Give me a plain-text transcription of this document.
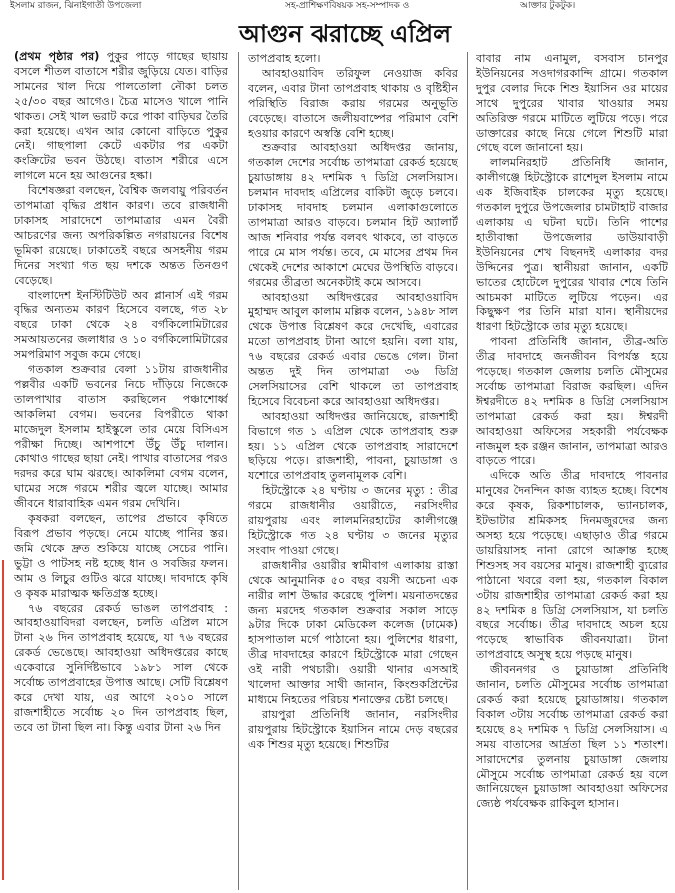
ইসলাম রাজন, ঝিনাইগাতী উপজেলা	সহ-প্রাশিক্ষণবিষয়ক সহ-সম্পাদক ও	আক্তার টুকটুক।
আগুন ঝরাচ্ছে এপ্রিল

(প্রথম পৃষ্ঠার পর) পুকুর পাড়ে গাছের ছায়ায় বসলে শীতল বাতাসে শরীর জুড়িয়ে যেত। বাড়ির সামনের খাল দিয়ে পালতোলা নৌকা চলত ২৫/৩০ বছর আগেও। চৈত্র মাসেও খালে পানি থাকত। সেই খাল ভরাট করে পাকা বাড়িঘর তৈরি করা হয়েছে। এখন আর কোনো বাড়িতে পুকুর নেই। গাছপালা কেটে একটার পর একটা কংক্রিটের ভবন উঠছে। বাতাস শরীরে এসে লাগলে মনে হয় আগুনের হল্কা।

বিশেষজ্ঞরা বলছেন, বৈশ্বিক জলবায়ু পরিবর্তন তাপমাত্রা বৃদ্ধির প্রধান কারণ। তবে রাজধানী ঢাকাসহ সারাদেশে তাপমাত্রার এমন বৈরী আচরণের জন্য অপরিকল্পিত নগরায়নের বিশেষ ভূমিকা রয়েছে। ঢাকাতেই বছরে অসহনীয় গরম দিনের সংখ্যা গত ছয় দশকে অন্তত তিনগুণ বেড়েছে।

বাংলাদেশ ইনস্টিটিউট অব প্লানার্স এই গরম বৃদ্ধির অন্যতম কারণ হিসেবে বলছে, গত ২৮ বছরে ঢাকা থেকে ২৪ বর্গকিলোমিটারের সমআয়তনের জলাধার ও ১০ বর্গকিলোমিটারের সমপরিমাণ সবুজ কমে গেছে।

গতকাল শুক্রবার বেলা ১১টায় রাজধানীর পল্লবীর একটি ভবনের নিচে দাঁড়িয়ে নিজেকে তালপাখার বাতাস করছিলেন পঞ্চাশোর্ধ্ব আকলিমা বেগম। ভবনের বিপরীতে থাকা মাজেদুল ইসলাম হাইস্কুলে তার মেয়ে বিসিএস পরীক্ষা দিচ্ছে। আশপাশে উঁচু উঁচু দালান। কোথাও গাছের ছায়া নেই। পাখার বাতাসের পরও দরদর করে ঘাম ঝরছে। আকলিমা বেগম বলেন, ঘামের সঙ্গে গরমে শরীর জ্বলে যাচ্ছে। আমার জীবনে ধারাবাহিক এমন গরম দেখিনি।

কৃষকরা বলছেন, তাপের প্রভাবে কৃষিতে বিরূপ প্রভাব পড়ছে। নেমে যাচ্ছে পানির স্তর। জমি থেকে দ্রুত শুকিয়ে যাচ্ছে সেচের পানি। ভুট্টা ও পাটসহ নষ্ট হচ্ছে ধান ও সবজির ফলন। আম ও লিচুর গুটিও ঝরে যাচ্ছে। দাবদাহে কৃষি ও কৃষক মারাত্মক ক্ষতিগ্রস্ত হচ্ছে।

৭৬ বছরের রেকর্ড ভাঙল তাপপ্রবাহ : আবহাওয়াবিদরা বলছেন, চলতি এপ্রিল মাসে টানা ২৬ দিন তাপপ্রবাহ হয়েছে, যা ৭৬ বছরের রেকর্ড ভেঙেছে। আবহাওয়া অধিদপ্তরের কাছে একেবারে সুনির্দিষ্টভাবে ১৯৮১ সাল থেকে সর্বোচ্চ তাপপ্রবাহের উপাত্ত আছে। সেটি বিশ্লেষণ করে দেখা যায়, এর আগে ২০১০ সালে রাজশাহীতে সর্বোচ্চ ২০ দিন তাপপ্রবাহ ছিল, তবে তা টানা ছিল না। কিন্তু এবার টানা ২৬ দিন

তাপপ্রবাহ হলো।

আবহাওয়াবিদ তরিফুল নেওয়াজ কবির বলেন, এবার টানা তাপপ্রবাহ থাকায় ও বৃষ্টিহীন পরিস্থিতি বিরাজ করায় গরমের অনুভূতি বেড়েছে। বাতাসে জলীয়বাষ্পের পরিমাণ বেশি হওয়ার কারণে অস্বস্তি বেশি হচ্ছে।

শুক্রবার আবহাওয়া অধিদপ্তর জানায়, গতকাল দেশের সর্বোচ্চ তাপমাত্রা রেকর্ড হয়েছে চুয়াডাঙ্গায় ৪২ দশমিক ৭ ডিগ্রি সেলসিয়াস। চলমান দাবদাহ এপ্রিলের বাকিটা জুড়ে চলবে। ঢাকাসহ দাবদাহ চলমান এলাকাগুলোতে তাপমাত্রা আরও বাড়বে। চলমান হিট অ্যালার্ট আজ শনিবার পর্যন্ত বলবৎ থাকবে, তা বাড়তে পারে মে মাস পর্যন্ত। তবে, মে মাসের প্রথম দিন থেকেই দেশের আকাশে মেঘের উপস্থিতি বাড়বে। গরমের তীব্রতা অনেকটাই কমে আসবে।

আবহাওয়া অধিদপ্তরের আবহাওয়াবিদ মুহাম্মদ আবুল কালাম মল্লিক বলেন, ১৯৪৮ সাল থেকে উপাত্ত বিশ্লেষণ করে দেখেছি, এবারের মতো তাপপ্রবাহ টানা আগে হয়নি। বলা যায়, ৭৬ বছরের রেকর্ড এবার ভেঙে গেল। টানা অন্তত দুই দিন তাপমাত্রা ৩৬ ডিগ্রি সেলসিয়াসের বেশি থাকলে তা তাপপ্রবাহ হিসেবে বিবেচনা করে আবহাওয়া অধিদপ্তর।

আবহাওয়া অধিদপ্তর জানিয়েছে, রাজশাহী বিভাগে গত ১ এপ্রিল থেকে তাপপ্রবাহ শুরু হয়। ১১ এপ্রিল থেকে তাপপ্রবাহ সারাদেশে ছড়িয়ে পড়ে। রাজশাহী, পাবনা, চুয়াডাঙ্গা ও যশোরে তাপপ্রবাহ তুলনামূলক বেশি।

হিটস্ট্রোকে ২৪ ঘণ্টায় ৩ জনের মৃত্যু : তীব্র গরমে রাজধানীর ওয়ারীতে, নরসিংদীর রায়পুরায় এবং লালমনিরহাটের কালীগঞ্জে হিটস্ট্রোকে গত ২৪ ঘণ্টায় ৩ জনের মৃত্যুর সংবাদ পাওয়া গেছে।

রাজধানীর ওয়ারীর স্বামীবাগ এলাকায় রাস্তা থেকে আনুমানিক ৫০ বছর বয়সী অচেনা এক নারীর লাশ উদ্ধার করেছে পুলিশ। ময়নাতদন্তের জন্য মরদেহ গতকাল শুক্রবার সকাল সাড়ে ৯টার দিকে ঢাকা মেডিকেল কলেজ (ঢামেক) হাসপাতাল মর্গে পাঠানো হয়। পুলিশের ধারণা, তীব্র দাবদাহের কারণে হিটস্ট্রোকে মারা গেছেন ওই নারী পথচারী। ওয়ারী থানার এসআই খালেদা আক্তার সাথী জানান, কিংশুকপ্রিন্টের মাধ্যমে নিহতের পরিচয় শনাক্তের চেষ্টা চলছে।

রায়পুরা প্রতিনিধি জানান, নরসিংদীর রায়পুরায় হিটস্ট্রোকে ইয়াসিন নামে দেড় বছরের এক শিশুর মৃত্যু হয়েছে। শিশুটির

বাবার নাম এনামুল, বসবাস চানপুর ইউনিয়নের সওদাগরকান্দি গ্রামে। গতকাল দুপুর বেলার দিকে শিশু ইয়াসিন ওর মায়ের সাথে দুপুরের খাবার খাওয়ার সময় অতিরিক্ত গরমে মাটিতে লুটিয়ে পড়ে। পরে ডাক্তারের কাছে নিয়ে গেলে শিশুটি মারা গেছে বলে জানানো হয়।

লালমনিরহাট প্রতিনিধি জানান, কালীগঞ্জে হিটস্ট্রোকে রাশেদুল ইসলাম নামে এক ইজিবাইক চালকের মৃত্যু হয়েছে। গতকাল দুপুরে উপজেলার চামটাহাট বাজার এলাকায় এ ঘটনা ঘটে। তিনি পাশের হাতীবান্ধা উপজেলার ডাউয়াবাড়ী ইউনিয়নের শেখ বিছনদই এলাকার বদর উদ্দিনের পুত্র। স্থানীয়রা জানান, একটি ভাতের হোটেলে দুপুরের খাবার শেষে তিনি আচমকা মাটিতে লুটিয়ে পড়েন। এর কিছুক্ষণ পর তিনি মারা যান। স্থানীয়দের ধারণা হিটস্ট্রোকে তার মৃত্যু হয়েছে।

পাবনা প্রতিনিধি জানান, তীব্র-অতি তীব্র দাবদাহে জনজীবন বিপর্যস্ত হয়ে পড়েছে। গতকাল জেলায় চলতি মৌসুমের সর্বোচ্চ তাপমাত্রা বিরাজ করছিল। এদিন ঈশ্বরদীতে ৪২ দশমিক ৪ ডিগ্রি সেলসিয়াস তাপমাত্রা রেকর্ড করা হয়। ঈশ্বরদী আবহাওয়া অফিসের সহকারী পর্যবেক্ষক নাজমুল হক রঞ্জন জানান, তাপমাত্রা আরও বাড়তে পারে।

এদিকে অতি তীব্র দাবদাহে পাবনার মানুষের দৈনন্দিন কাজ ব্যাহত হচ্ছে। বিশেষ করে কৃষক, রিকশাচালক, ভ্যানচালক, ইটভাটার শ্রমিকসহ দিনমজুরদের জন্য অসহ্য হয়ে পড়েছে। এছাড়াও তীব্র গরমে ডায়রিয়াসহ নানা রোগে আক্রান্ত হচ্ছে শিশুসহ সব বয়সের মানুষ। রাজশাহী ব্যুরোর পাঠানো খবরে বলা হয়, গতকাল বিকাল ৩টায় রাজশাহীর তাপমাত্রা রেকর্ড করা হয় ৪২ দশমিক ৪ ডিগ্রি সেলসিয়াস, যা চলতি বছরে সর্বোচ্চ। তীব্র দাবদাহে অচল হয়ে পড়েছে স্বাভাবিক জীবনযাত্রা। টানা তাপপ্রবাহে অসুস্থ হয়ে পড়ছে মানুষ।

জীবননগর ও চুয়াডাঙ্গা প্রতিনিধি জানান, চলতি মৌসুমের সর্বোচ্চ তাপমাত্রা রেকর্ড করা হয়েছে চুয়াডাঙ্গায়। গতকাল বিকাল ৩টায় সর্বোচ্চ তাপমাত্রা রেকর্ড করা হয়েছে ৪২ দশমিক ৭ ডিগ্রি সেলসিয়াস। এ সময় বাতাসের আর্দ্রতা ছিল ১১ শতাংশ। সারাদেশের তুলনায় চুয়াডাঙ্গা জেলায় মৌসুমে সর্বোচ্চ তাপমাত্রা রেকর্ড হয় বলে জানিয়েছেন চুয়াডাঙ্গা আবহাওয়া অফিসের জ্যেষ্ঠ পর্যবেক্ষক রাকিবুল হাসান।
